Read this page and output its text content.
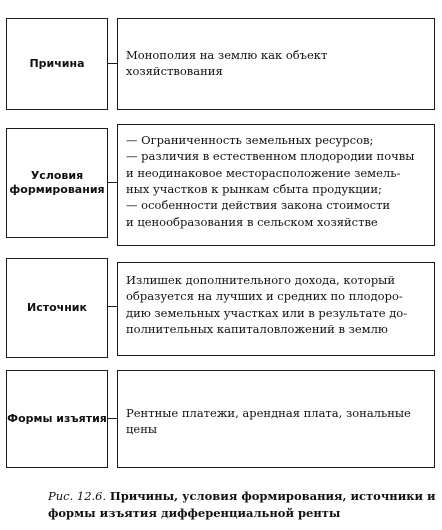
Причина

Монополия на землю как объект

хозяйствования

Условия
формирования

— Ограниченность земельных ресурсов;

— различия в естественном плодородии почвы

и неодинаковое месторасположение земель-

ных участков к рынкам сбыта продукции;

— особенности действия закона стоимости

и ценообразования в сельском хозяйстве

Источник

Излишек дополнительного дохода, который

образуется на лучших и средних по плодоро-

дию земельных участках или в результате до-

полнительных капиталовложений в землю

Формы изъятия Рентные платежи, арендная плата, зональные

цены

Рис. 12.6. Причины, условия формирования, источники и формы изъятия дифференциальной ренты
